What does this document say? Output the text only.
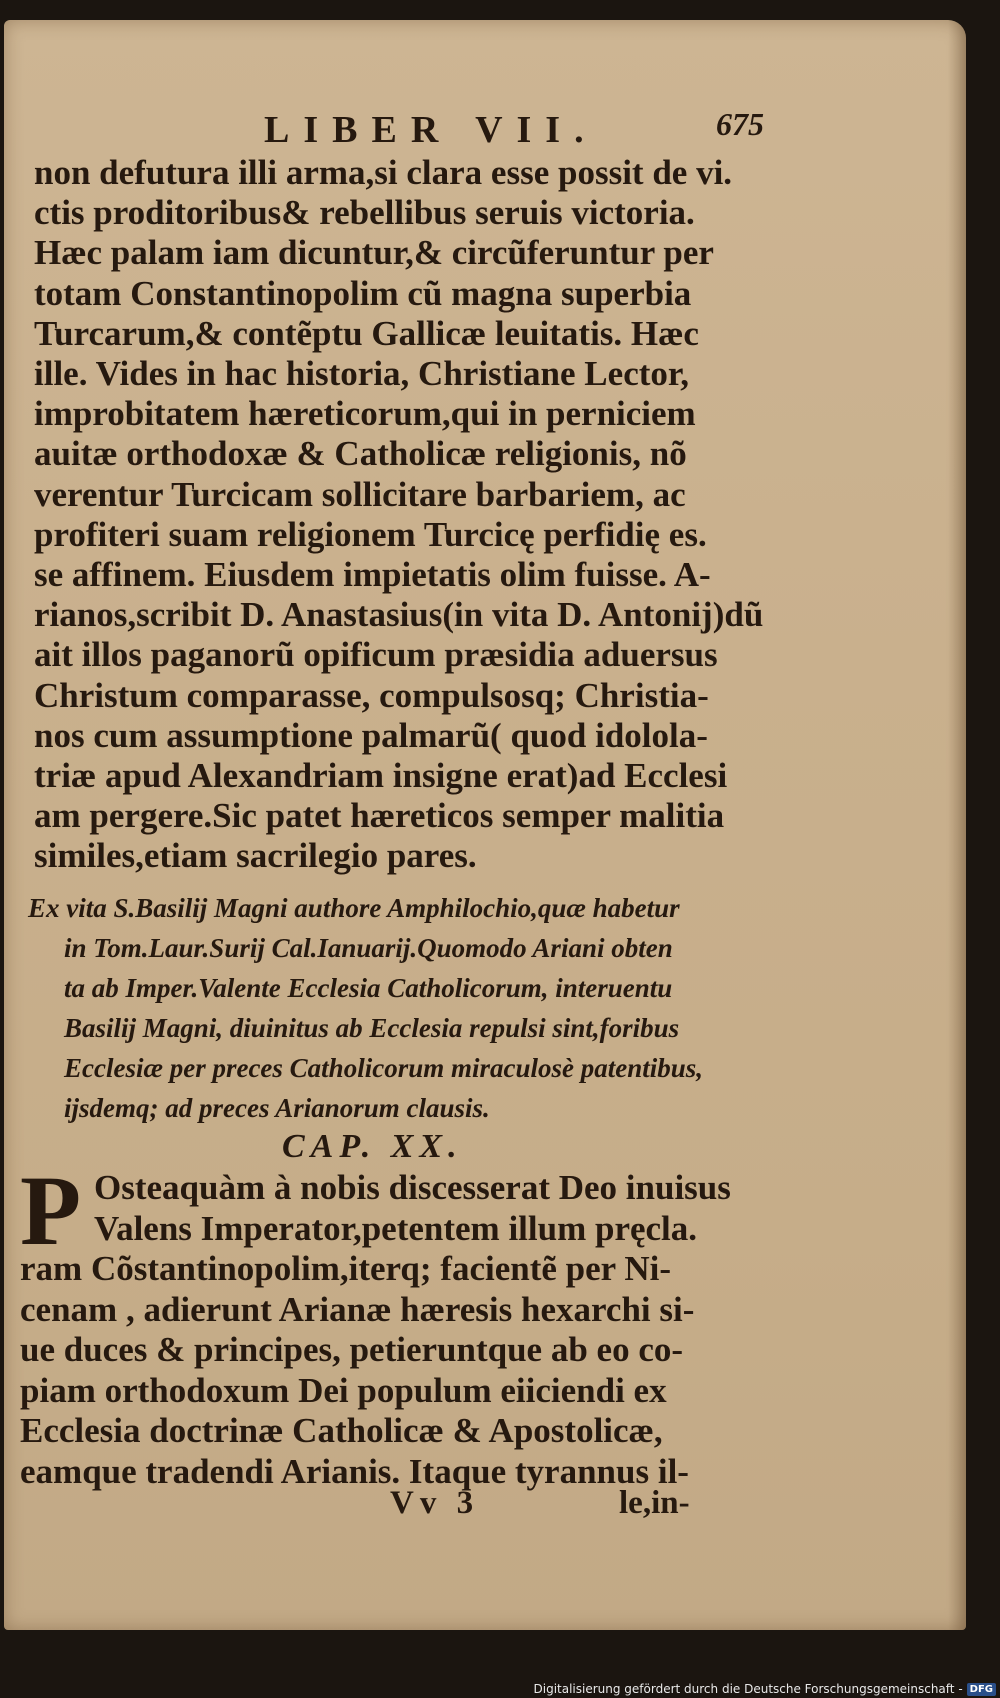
LIBER VII.	675
non defutura illi arma,si clara esse possit de vi.
ctis proditoribus& rebellibus seruis victoria.
Hæc palam iam dicuntur,& circũferuntur per
totam Constantinopolim cũ magna superbia
Turcarum,& contẽptu Gallicæ leuitatis. Hæc
ille. Vides in hac historia, Christiane Lector,
improbitatem hæreticorum,qui in perniciem
auitæ orthodoxæ & Catholicæ religionis, nõ
verentur Turcicam sollicitare barbariem, ac
profiteri suam religionem Turcicę perfidię es.
se affinem. Eiusdem impietatis olim fuisse. A-
rianos,scribit D. Anastasius(in vita D. Antonij)dũ
ait illos paganorũ opificum præsidia aduersus
Christum comparasse, compulsosq; Christia-
nos cum assumptione palmarũ( quod idolola-
triæ apud Alexandriam insigne erat)ad Ecclesi
am pergere.Sic patet hæreticos semper malitia
similes,etiam sacrilegio pares.
Ex vita S.Basilij Magni authore Amphilochio,quæ habetur
in Tom.Laur.Surij Cal.Ianuarij.Quomodo Ariani obten
ta ab Imper.Valente Ecclesia Catholicorum, interuentu
Basilij Magni, diuinitus ab Ecclesia repulsi sint,foribus
Ecclesiæ per preces Catholicorum miraculosè patentibus,
ijsdemq; ad preces Arianorum clausis.
CAP. XX.
P Osteaquàm à nobis discesserat Deo inuisus
Valens Imperator,petentem illum pręcla.
ram Cõstantinopolim,iterq; facientẽ per Ni-
cenam , adierunt Arianæ hæresis hexarchi si-
ue duces & principes, petieruntque ab eo co-
piam orthodoxum Dei populum eiiciendi ex
Ecclesia doctrinæ Catholicæ & Apostolicæ,
eamque tradendi Arianis. Itaque tyrannus il-
Vv 3	le,in-
Digitalisierung gefördert durch die Deutsche Forschungsgemeinschaft - DFG
